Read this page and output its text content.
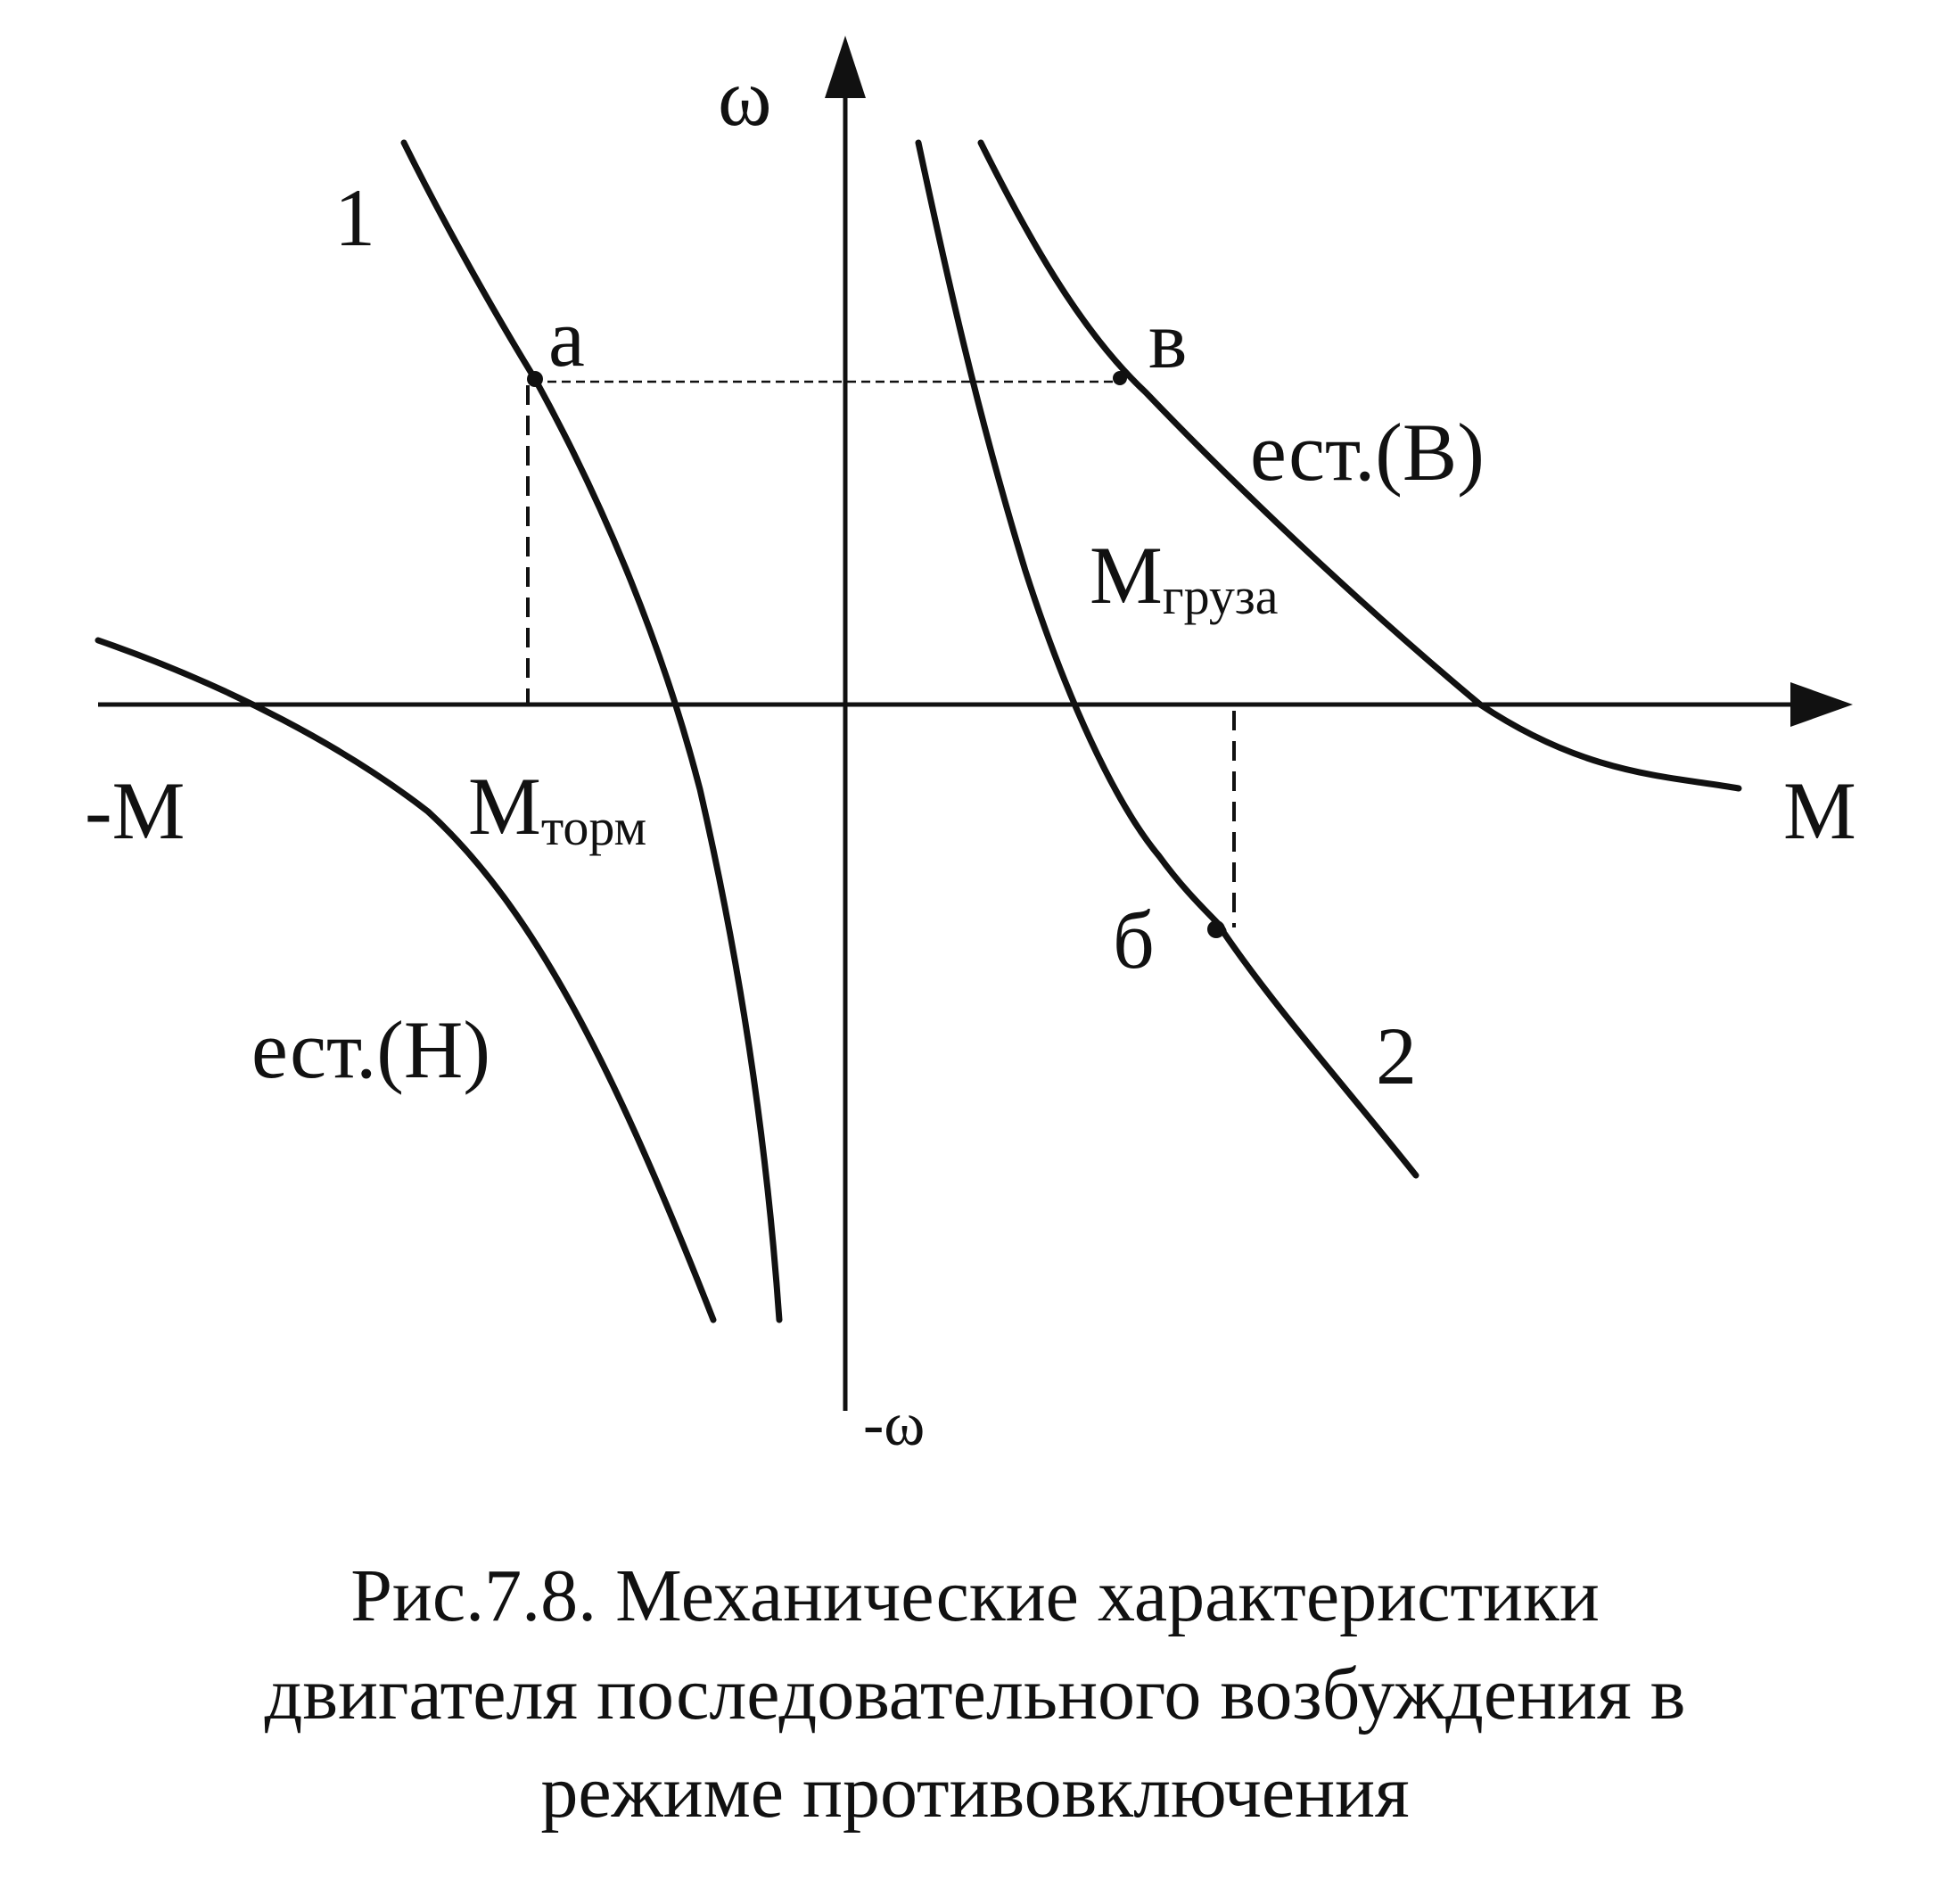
ω
-ω
M
-M
1
2
а	в
б
ест.(В)
ест.(Н)
Мгруза
Мторм
Рис.7.8. Механические характеристики
двигателя последовательного возбуждения в
режиме противовключения
